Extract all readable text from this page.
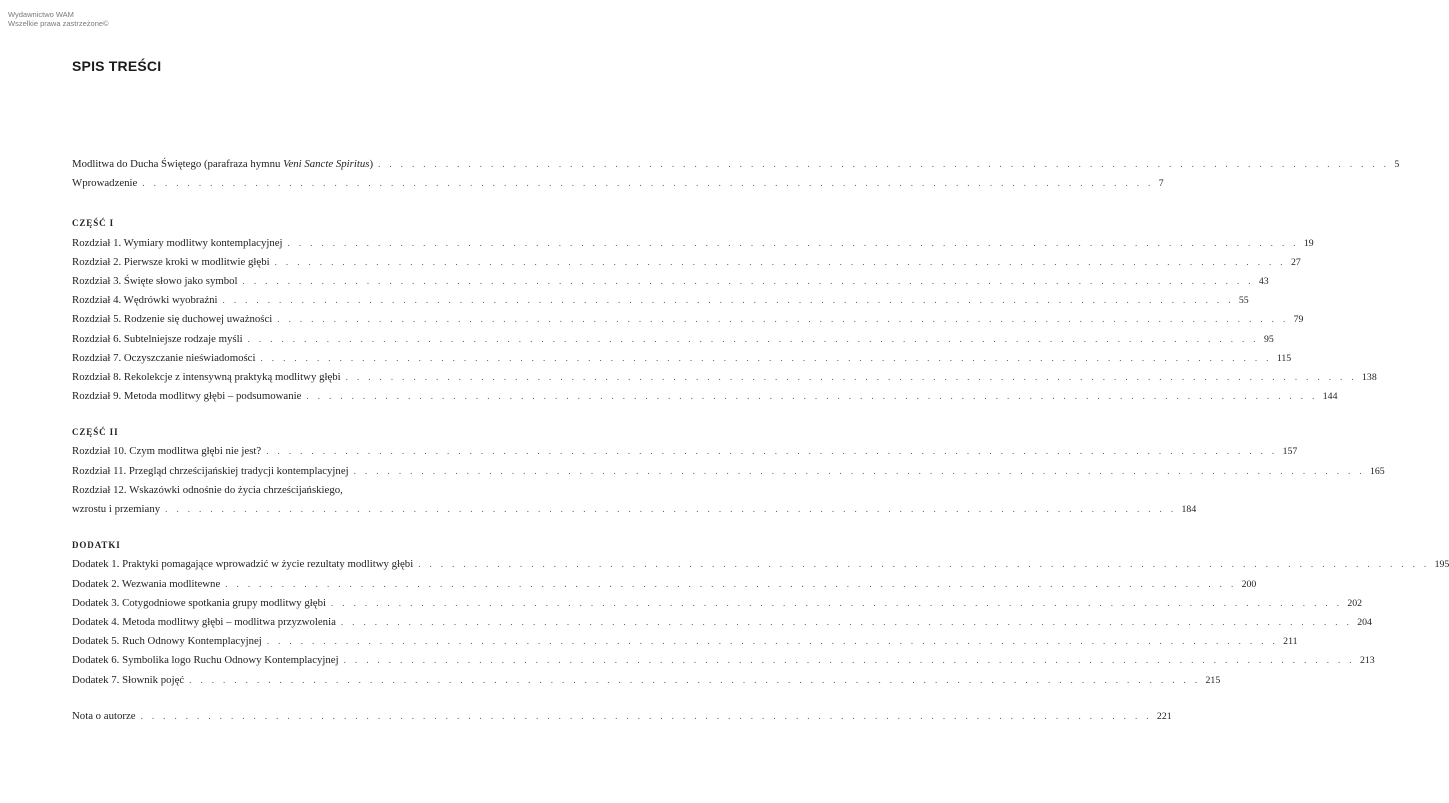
Wydawnictwo WAM
Wszelkie prawa zastrzeżone©
SPIS TREŚCI
Modlitwa do Ducha Świętego (parafraza hymnu Veni Sancte Spiritus) . . .	5
Wprowadzenie . . .	7
CZĘŚĆ I
Rozdział 1. Wymiary modlitwy kontemplacyjnej . . .	19
Rozdział 2. Pierwsze kroki w modlitwie głębi . . .	27
Rozdział 3. Święte słowo jako symbol . . .	43
Rozdział 4. Wędrówki wyobraźni . . .	55
Rozdział 5. Rodzenie się duchowej uważności . . .	79
Rozdział 6. Subtelniejsze rodzaje myśli . . .	95
Rozdział 7. Oczyszczanie nieświadomości . . .	115
Rozdział 8. Rekolekcje z intensywną praktyką modlitwy głębi . . .	138
Rozdział 9. Metoda modlitwy głębi – podsumowanie . . .	144
CZĘŚĆ II
Rozdział 10. Czym modlitwa głębi nie jest? . . .	157
Rozdział 11. Przegląd chrześcijańskiej tradycji kontemplacyjnej . . .	165
Rozdział 12. Wskazówki odnośnie do życia chrześcijańskiego,
wzrostu i przemiany . . .	184
DODATKI
Dodatek 1. Praktyki pomagające wprowadzić w życie rezultaty modlitwy głębi . . .	195
Dodatek 2. Wezwania modlitewne . . .	200
Dodatek 3. Cotygodniowe spotkania grupy modlitwy głębi . . .	202
Dodatek 4. Metoda modlitwy głębi – modlitwa przyzwolenia . . .	204
Dodatek 5. Ruch Odnowy Kontemplacyjnej . . .	211
Dodatek 6. Symbolika logo Ruchu Odnowy Kontemplacyjnej . . .	213
Dodatek 7. Słownik pojęć . . .	215
Nota o autorze . . .	221
